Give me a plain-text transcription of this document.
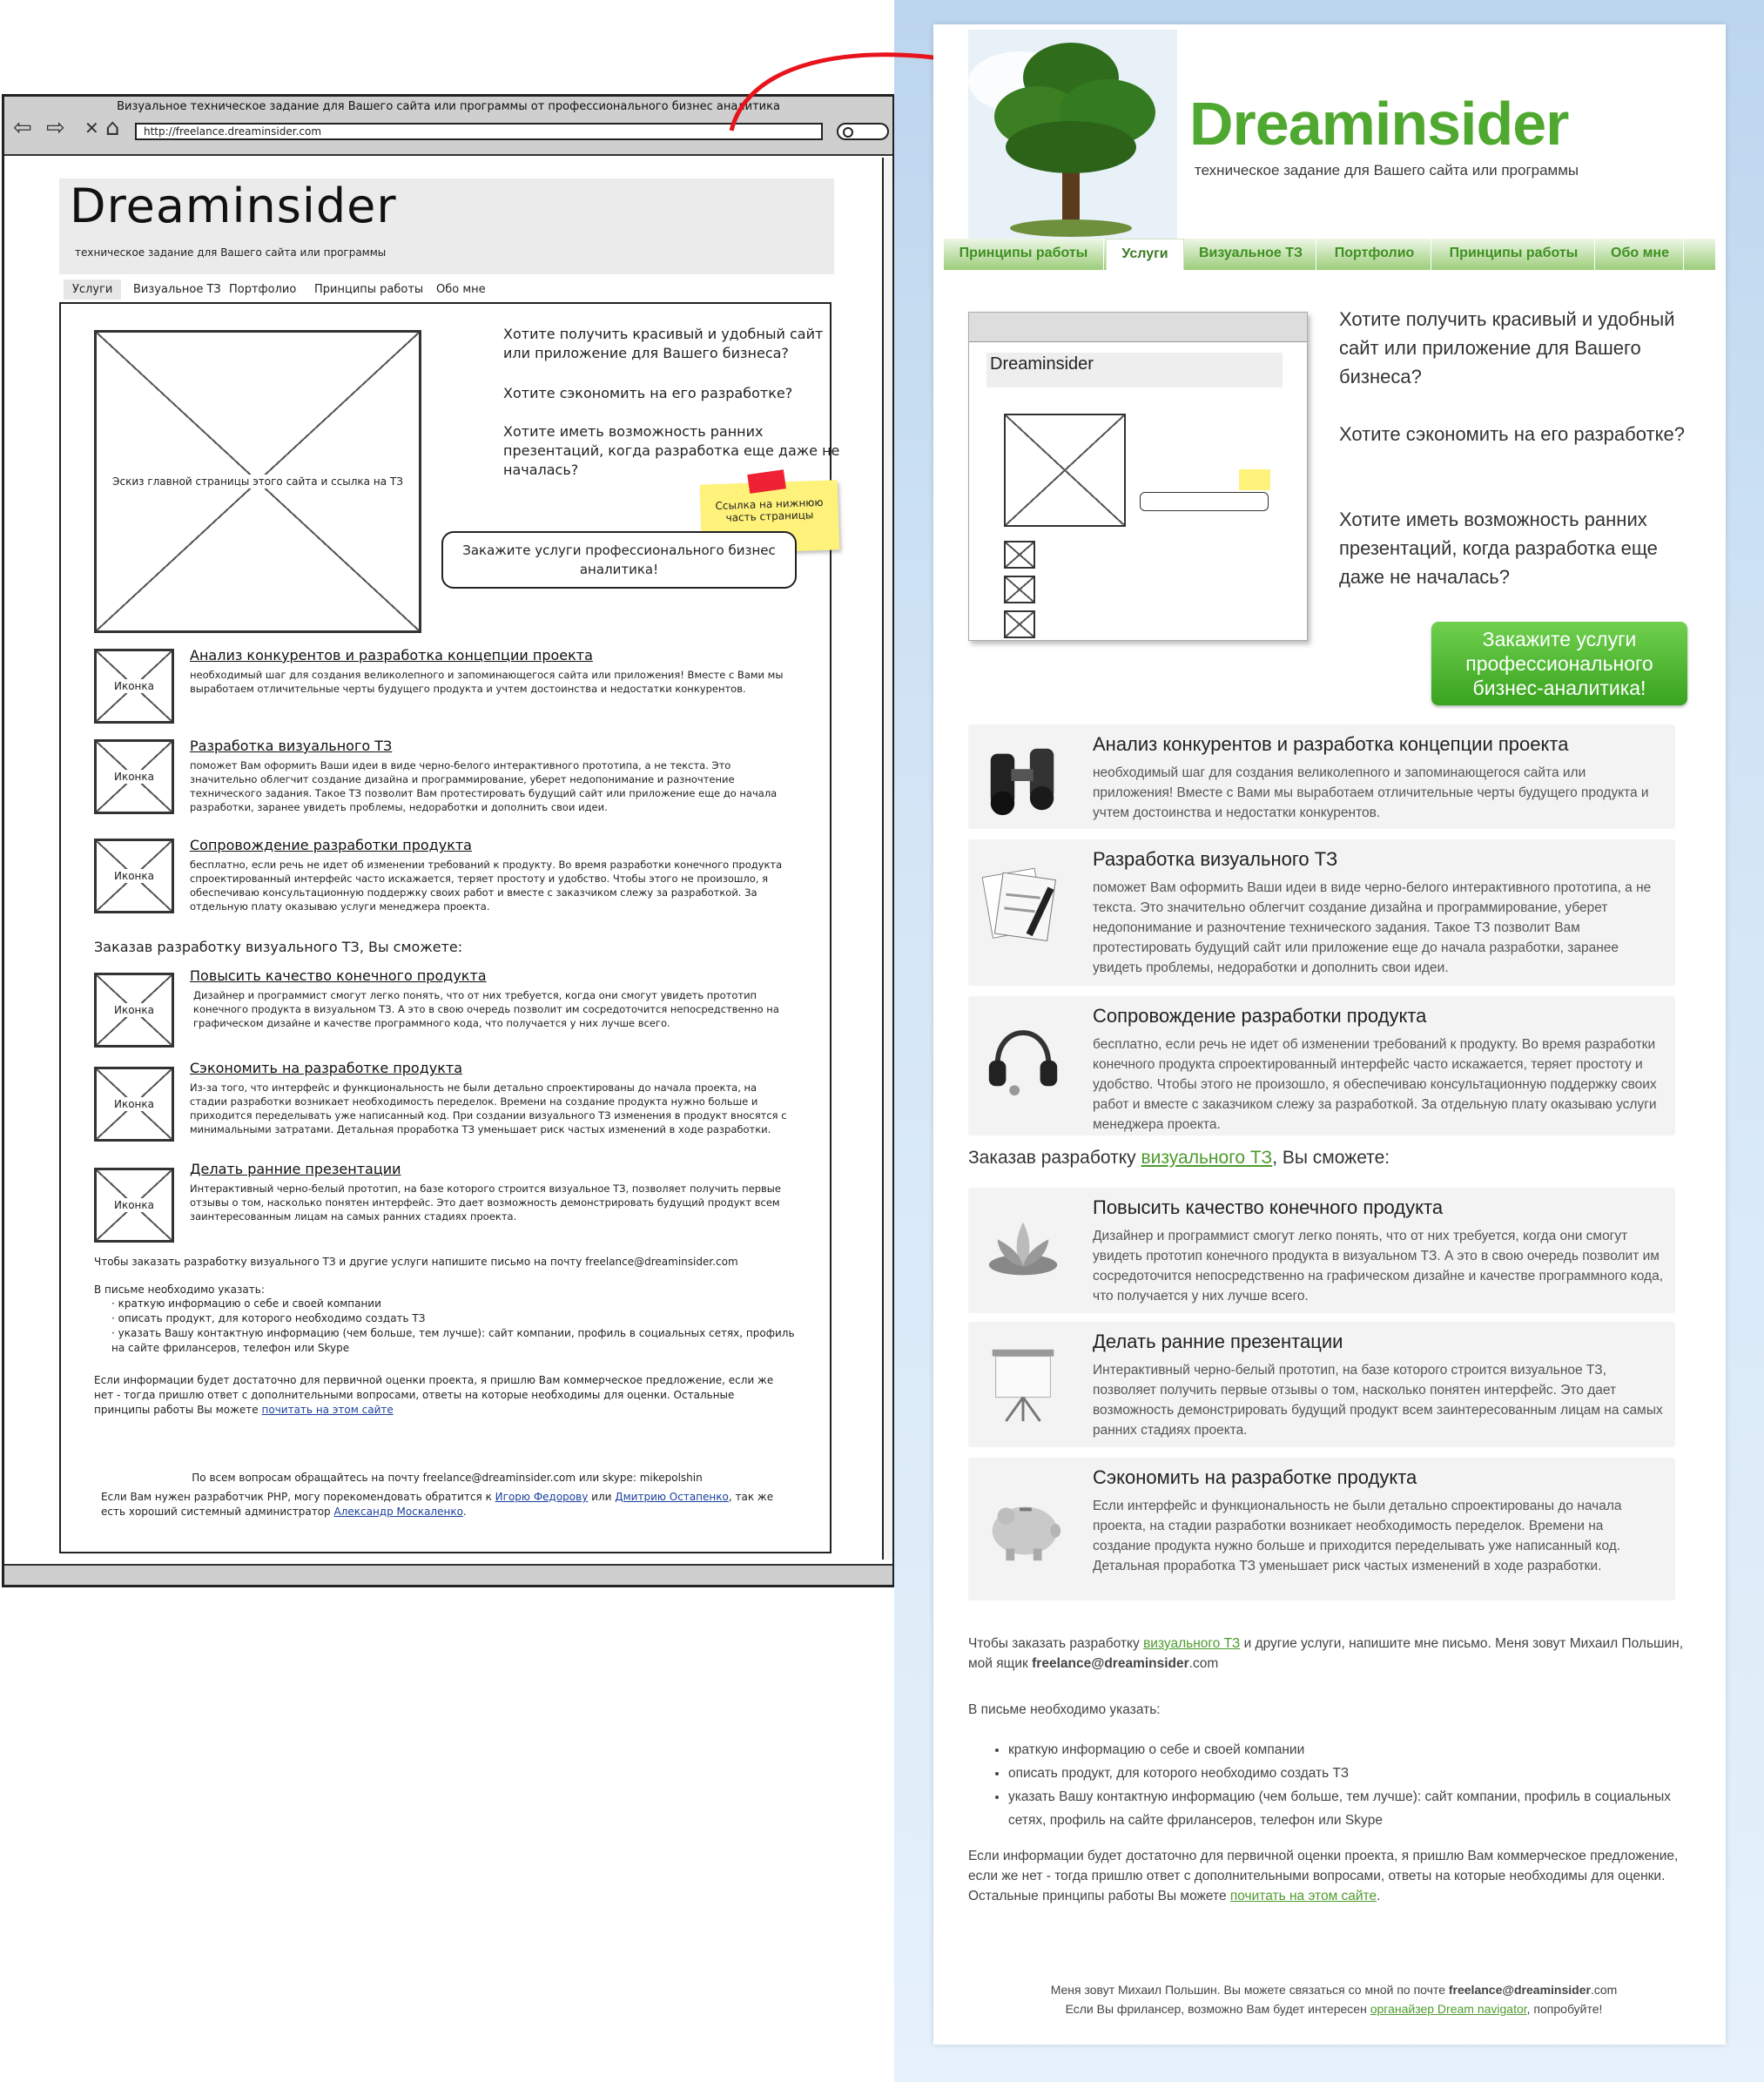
Визуальное техническое задание для Вашего сайта или программы от профессионального бизнес аналитика
⇦ ⇨ ✕ ⌂	http://freelance.dreaminsider.com
Dreaminsider
техническое задание для Вашего сайта или программы
Услуги	Визуальное ТЗ Портфолио	Принципы работы	Обо мне
Эскиз главной страницы этого сайта и ссылка на ТЗ
Хотите получить красивый и удобный сайт или приложение для Вашего бизнеса?
Хотите сэкономить на его разработке?
Хотите иметь возможность ранних презентаций, когда разработка еще даже не началась?
Иконка
Анализ конкурентов и разработка концепции проекта
необходимый шаг для создания великолепного и запоминающегося сайта или приложения! Вместе с Вами мы выработаем отличительные черты будущего продукта и учтем достоинства и недостатки конкурентов.
Иконка
Разработка визуального ТЗ
поможет Вам оформить Ваши идеи в виде черно-белого интерактивного прототипа, а не текста. Это значительно облегчит создание дизайна и программирование, уберет недопонимание и разночтение технического задания. Такое ТЗ позволит Вам протестировать будущий сайт или приложение еще до начала разработки, заранее увидеть проблемы, недоработки и дополнить свои идеи.
Иконка
Сопровождение разработки продукта
бесплатно, если речь не идет об изменении требований к продукту. Во время разработки конечного продукта спроектированный интерфейс часто искажается, теряет простоту и удобство. Чтобы этого не произошло, я обеспечиваю консультационную поддержку своих работ и вместе с заказчиком слежу за разработкой. За отдельную плату оказываю услуги менеджера проекта.
Заказав разработку визуального ТЗ, Вы сможете:
Иконка
Повысить качество конечного продукта
Дизайнер и программист смогут легко понять, что от них требуется, когда они смогут увидеть прототип конечного продукта в визуальном ТЗ. А это в свою очередь позволит им сосредоточится непосредственно на графическом дизайне и качестве программного кода, что получается у них лучше всего.
Иконка
Сэкономить на разработке продукта
Из-за того, что интерфейс и функциональность не были детально спроектированы до начала проекта, на стадии разработки возникает необходимость переделок. Времени на создание продукта нужно больше и приходится переделывать уже написанный код. При создании визуального ТЗ изменения в продукт вносятся с минимальными затратами. Детальная проработка ТЗ уменьшает риск частых изменений в ходе разработки.
Иконка
Делать ранние презентации
Интерактивный черно-белый прототип, на базе которого строится визуальное ТЗ, позволяет получить первые отзывы о том, насколько понятен интерфейс. Это дает возможность демонстрировать будущий продукт всем заинтересованным лицам на самых ранних стадиях проекта.
Чтобы заказать разработку визуального ТЗ и другие услуги напишите письмо на почту freelance@dreaminsider.com
В письме необходимо указать:
· краткую информацию о себе и своей компании
· описать продукт, для которого необходимо создать ТЗ
· указать Вашу контактную информацию (чем больше, тем лучше): сайт компании, профиль в социальных сетях, профиль на сайте фрилансеров, телефон или Skype
Если информации будет достаточно для первичной оценки проекта, я пришлю Вам коммерческое предложение, если же нет - тогда пришлю ответ с дополнительными вопросами, ответы на которые необходимы для оценки. Остальные принципы работы Вы можете почитать на этом сайте
По всем вопросам обращайтесь на почту freelance@dreaminsider.com или skype: mikepolshin
Если Вам нужен разработчик PHP, могу порекомендовать обратится к Игорю Федорову или Дмитрию Остапенко, так же есть хороший системный администратор Александр Москаленко.
Ссылка на нижнюю часть страницы
Закажите услуги профессионального бизнес аналитика!
Dreaminsider
техническое задание для Вашего сайта или программы
Принципы работы	Услуги	Визуальное ТЗ	Портфолио	Принципы работы	Обо мне
Dreaminsider
Хотите получить красивый и удобный сайт или приложение для Вашего бизнеса?
Хотите сэкономить на его разработке?
Хотите иметь возможность ранних презентаций, когда разработка еще даже не началась?
Закажите услуги профессионального бизнес-аналитика!
Анализ конкурентов и разработка концепции проекта
необходимый шаг для создания великолепного и запоминающегося сайта или приложения! Вместе с Вами мы выработаем отличительные черты будущего продукта и учтем достоинства и недостатки конкурентов.
Разработка визуального ТЗ
поможет Вам оформить Ваши идеи в виде черно-белого интерактивного прототипа, а не текста. Это значительно облегчит создание дизайна и программирование, уберет недопонимание и разночтение технического задания. Такое ТЗ позволит Вам протестировать будущий сайт или приложение еще до начала разработки, заранее увидеть проблемы, недоработки и дополнить свои идеи.
Сопровождение разработки продукта
бесплатно, если речь не идет об изменении требований к продукту. Во время разработки конечного продукта спроектированный интерфейс часто искажается, теряет простоту и удобство. Чтобы этого не произошло, я обеспечиваю консультационную поддержку своих работ и вместе с заказчиком слежу за разработкой. За отдельную плату оказываю услуги менеджера проекта.
Заказав разработку визуального ТЗ, Вы сможете:
Повысить качество конечного продукта
Дизайнер и программист смогут легко понять, что от них требуется, когда они смогут увидеть прототип конечного продукта в визуальном ТЗ. А это в свою очередь позволит им сосредоточится непосредственно на графическом дизайне и качестве программного кода, что получается у них лучше всего.
Делать ранние презентации
Интерактивный черно-белый прототип, на базе которого строится визуальное ТЗ, позволяет получить первые отзывы о том, насколько понятен интерфейс. Это дает возможность демонстрировать будущий продукт всем заинтересованным лицам на самых ранних стадиях проекта.
Сэкономить на разработке продукта
Если интерфейс и функциональность не были детально спроектированы до начала проекта, на стадии разработки возникает необходимость переделок. Времени на создание продукта нужно больше и приходится переделывать уже написанный код. Детальная проработка ТЗ уменьшает риск частых изменений в ходе разработки.
Чтобы заказать разработку визуального ТЗ и другие услуги, напишите мне письмо. Меня зовут Михаил Польшин, мой ящик freelance@dreaminsider.com
В письме необходимо указать:
• краткую информацию о себе и своей компании
• описать продукт, для которого необходимо создать ТЗ
• указать Вашу контактную информацию (чем больше, тем лучше): сайт компании, профиль в социальных сетях, профиль на сайте фрилансеров, телефон или Skype
Если информации будет достаточно для первичной оценки проекта, я пришлю Вам коммерческое предложение, если же нет - тогда пришлю ответ с дополнительными вопросами, ответы на которые необходимы для оценки. Остальные принципы работы Вы можете почитать на этом сайте.
Меня зовут Михаил Польшин. Вы можете связаться со мной по почте freelance@dreaminsider.com
Если Вы фрилансер, возможно Вам будет интересен органайзер Dream navigator, попробуйте!
